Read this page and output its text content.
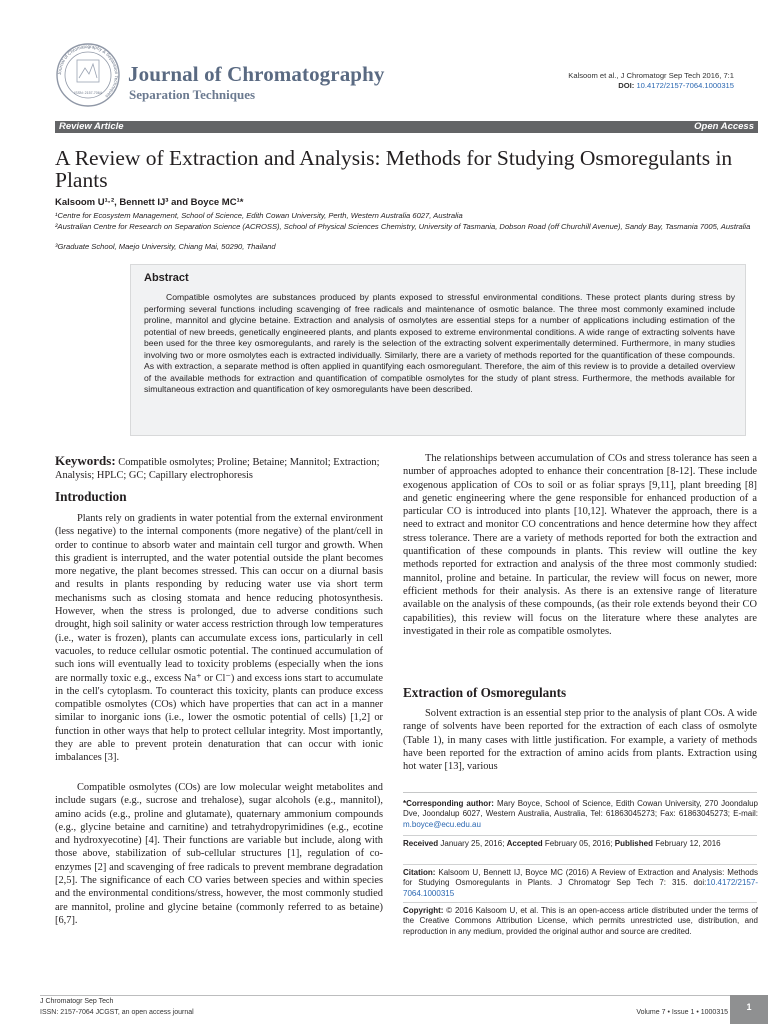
Journal of Chromatography & Separation Techniques
ISSN: 2157-7064
Journal of Chromatography
Separation Techniques
Kalsoom et al., J Chromatogr Sep Tech 2016, 7:1
DOI: 10.4172/2157-7064.1000315
Review Article	Open Access
A Review of Extraction and Analysis: Methods for Studying Osmoregulants in Plants
Kalsoom U¹·², Bennett IJ³ and Boyce MC¹*
¹Centre for Ecosystem Management, School of Science, Edith Cowan University, Perth, Western Australia 6027, Australia
²Australian Centre for Research on Separation Science (ACROSS), School of Physical Sciences Chemistry, University of Tasmania, Dobson Road (off Churchill Avenue), Sandy Bay, Tasmania 7005, Australia
³Graduate School, Maejo University, Chiang Mai, 50290, Thailand
Abstract
Compatible osmolytes are substances produced by plants exposed to stressful environmental conditions. These protect plants during stress by performing several functions including scavenging of free radicals and maintenance of osmotic balance. The three most commonly examined include proline, mannitol and glycine betaine. Extraction and analysis of osmolytes are essential steps for a number of applications including estimation of the potential of new breeds, genetically engineered plants, and plants exposed to extreme environmental conditions. A wide range of extracting solvents have been used for the three key osmoregulants, and rarely is the selection of the extracting solvent experimentally determined. Furthermore, in many studies involving two or more osmolytes each is extracted individually. Similarly, there are a variety of methods reported for the quantification of these compounds. As with extraction, a separate method is often applied in quantifying each osmoregulant. Therefore, the aim of this review is to provide a detailed overview of the available methods for extraction and quantification of compatible osmolytes for the study of plant stress. Furthermore, the methods available for simultaneous extraction and quantification of key osmoregulants have been described.
Keywords: Compatible osmolytes; Proline; Betaine; Mannitol; Extraction; Analysis; HPLC; GC; Capillary electrophoresis
Introduction

Plants rely on gradients in water potential from the external environment (less negative) to the internal components (more negative) of the plant/cell in order to continue to absorb water and maintain cell turgor and growth. When this gradient is interrupted, and the water potential outside the plant becomes more negative, the plant becomes stressed. This can occur on a diurnal basis and results in plants responding by reducing water use via short term mechanisms such as closing stomata and hence reducing photosynthesis. However, when the stress is prolonged, due to adverse conditions such drought, high soil salinity or water access restriction through low temperatures (i.e., water is frozen), plants can accumulate excess ions, particularly in cell vacuoles, to reduce cellular osmotic potential. The continued accumulation of such ions will eventually lead to toxicity problems (especially when the ions are normally toxic e.g., excess Na⁺ or Cl⁻) and excess ions start to accumulate in the cell's cytoplasm. To counteract this toxicity, plants can produce excess compatible osmolytes (COs) which have properties that can act in a manner similar to inorganic ions (i.e., lower the osmotic potential of cells) [1,2] or function in other ways that help to protect cellular integrity. Most importantly, they are able to prevent protein denaturation that can occur with ionic imbalances [3].

Compatible osmolytes (COs) are low molecular weight metabolites and include sugars (e.g., sucrose and trehalose), sugar alcohols (e.g., mannitol), amino acids (e.g., proline and glutamate), quaternary ammonium compounds (e.g., glycine betaine and carnitine) and tetrahydropyrimidines (e.g., ecotine and hydroxyecotine) [4]. Their functions are variable but include, along with those above, stabilization of sub-cellular structures [1], regulation of co-enzymes [2] and scavenging of free radicals to prevent membrane degradation [2,5]. The significance of each CO varies between species and within species and the environmental conditions/stress, however, the most commonly studied are mannitol, proline and glycine betaine (commonly referred to as betaine) [6,7].

The relationships between accumulation of COs and stress tolerance has seen a number of approaches adopted to enhance their concentration [8-12]. These include exogenous application of COs to soil or as foliar sprays [9,11], plant breeding [8] and genetic engineering where the gene responsible for enhanced production of a particular CO is introduced into plants [10,12]. Whatever the approach, there is a need to extract and monitor CO concentrations and hence determine how they affect stress tolerance. There are a variety of methods reported for both the extraction and quantification of these compounds in plants. This review will outline the key methods reported for extraction and analysis of the three most commonly studied: mannitol, proline and betaine. In particular, the review will focus on newer, more efficient methods for their analysis. As there is an extensive range of literature available on the analysis of these compounds, (as their role extends beyond their CO capabilities), this review will focus on the literature where these analytes are investigated in their role as compatible osmolytes.

Extraction of Osmoregulants

Solvent extraction is an essential step prior to the analysis of plant COs. A wide range of solvents have been reported for the extraction of each class of osmolyte (Table 1), in many cases with little justification. For example, a variety of methods have been reported for the extraction of amino acids from plants. Extraction using hot water [13], various

*Corresponding author: Mary Boyce, School of Science, Edith Cowan University, 270 Joondalup Dve, Joondalup 6027, Western Australia, Australia, Tel: 61863045273; Fax: 61863045273; E-mail: m.boyce@ecu.edu.au
Received January 25, 2016; Accepted February 05, 2016; Published February 12, 2016
Citation: Kalsoom U, Bennett IJ, Boyce MC (2016) A Review of Extraction and Analysis: Methods for Studying Osmoregulants in Plants. J Chromatogr Sep Tech 7: 315. doi:10.4172/2157-7064.1000315
Copyright: © 2016 Kalsoom U, et al. This is an open-access article distributed under the terms of the Creative Commons Attribution License, which permits unrestricted use, distribution, and reproduction in any medium, provided the original author and source are credited.
J Chromatogr Sep Tech
ISSN: 2157-7064 JCGST, an open access journal	Volume 7 • Issue 1 • 1000315
1
